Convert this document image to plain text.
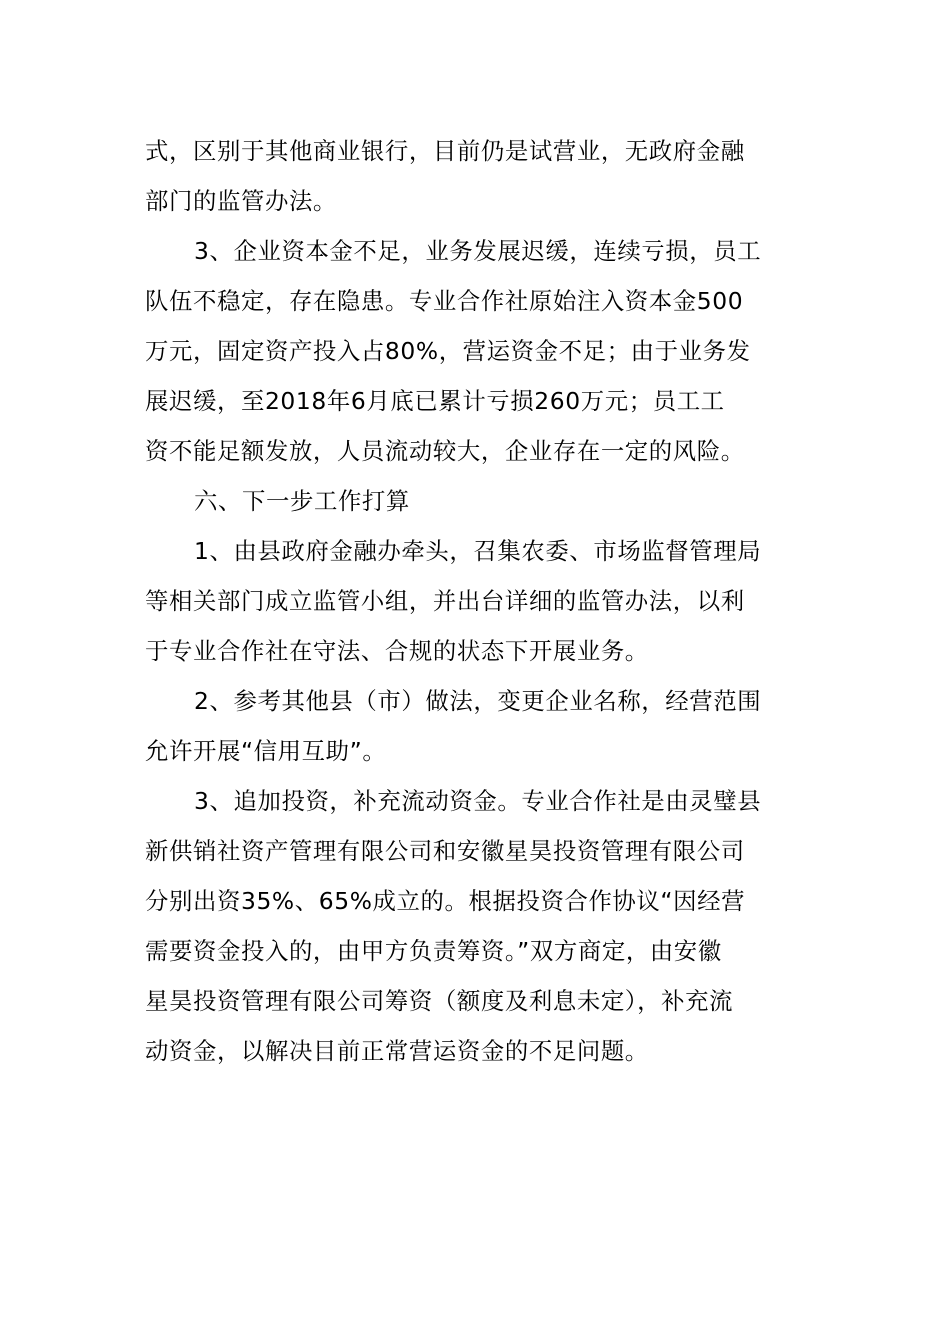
式，区别于其他商业银行，目前仍是试营业，无政府金融
部门的监管办法。

3、企业资本金不足，业务发展迟缓，连续亏损，员工
队伍不稳定，存在隐患。专业合作社原始注入资本金500
万元，固定资产投入占80%，营运资金不足；由于业务发
展迟缓，至2018年6月底已累计亏损260万元；员工工
资不能足额发放，人员流动较大，企业存在一定的风险。

六、下一步工作打算

1、由县政府金融办牵头，召集农委、市场监督管理局
等相关部门成立监管小组，并出台详细的监管办法，以利
于专业合作社在守法、合规的状态下开展业务。

2、参考其他县（市）做法，变更企业名称，经营范围
允许开展“信用互助”。

3、追加投资，补充流动资金。专业合作社是由灵璧县
新供销社资产管理有限公司和安徽星昊投资管理有限公司
分别出资35%、65%成立的。根据投资合作协议“因经营
需要资金投入的，由甲方负责筹资。”双方商定，由安徽
星昊投资管理有限公司筹资（额度及利息未定），补充流
动资金，以解决目前正常营运资金的不足问题。
